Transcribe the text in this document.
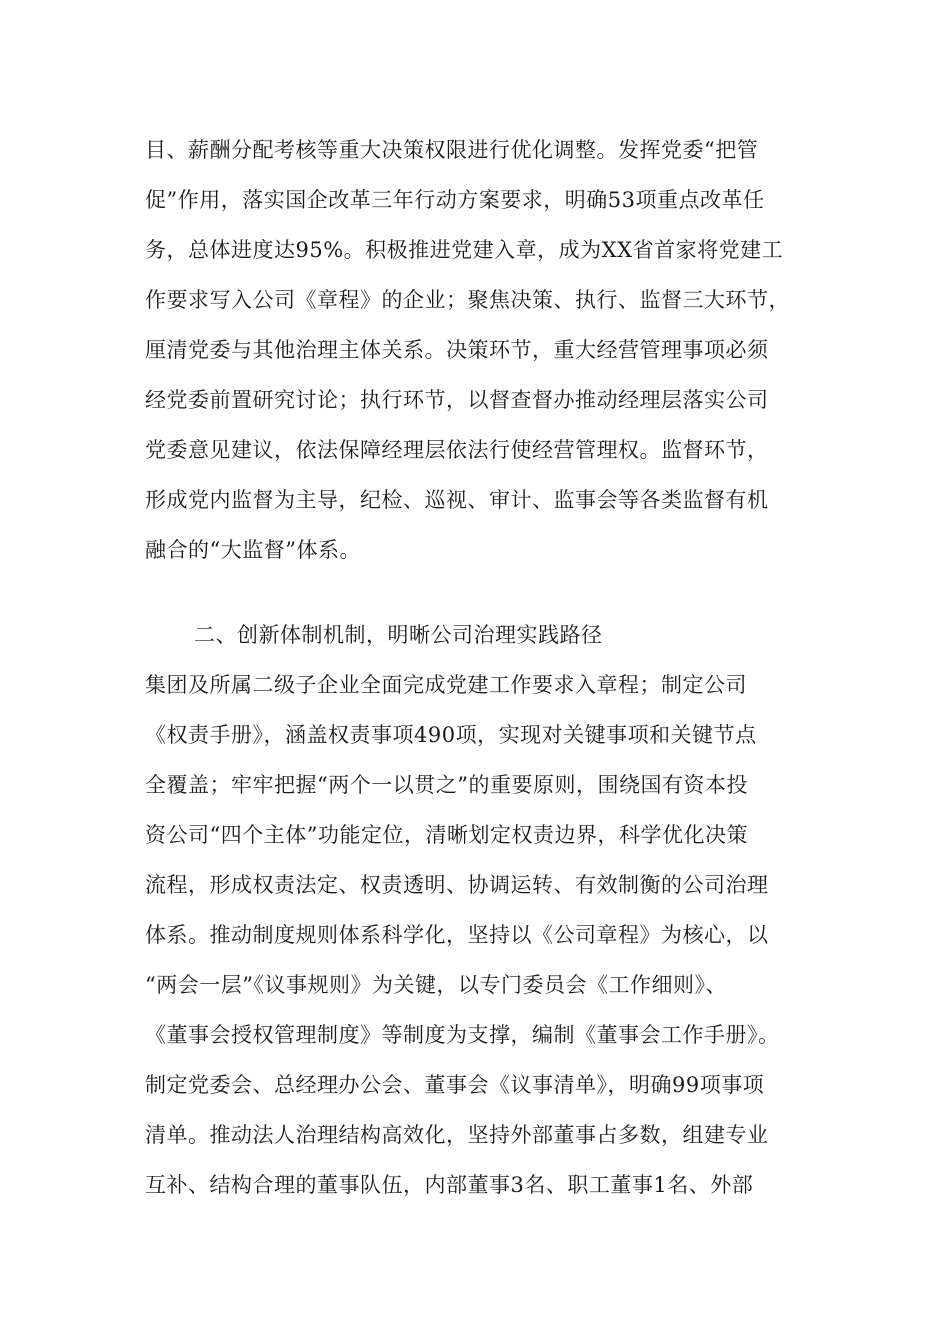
目、薪酬分配考核等重大决策权限进行优化调整。发挥党委“把管
促”作用，落实国企改革三年行动方案要求，明确53项重点改革任
务，总体进度达95%。积极推进党建入章，成为XX省首家将党建工
作要求写入公司《章程》的企业；聚焦决策、执行、监督三大环节，
厘清党委与其他治理主体关系。决策环节，重大经营管理事项必须
经党委前置研究讨论；执行环节，以督查督办推动经理层落实公司
党委意见建议，依法保障经理层依法行使经营管理权。监督环节，
形成党内监督为主导，纪检、巡视、审计、监事会等各类监督有机
融合的“大监督”体系。
二、创新体制机制，明晰公司治理实践路径
集团及所属二级子企业全面完成党建工作要求入章程；制定公司
《权责手册》，涵盖权责事项490项，实现对关键事项和关键节点
全覆盖；牢牢把握“两个一以贯之”的重要原则，围绕国有资本投
资公司“四个主体”功能定位，清晰划定权责边界，科学优化决策
流程，形成权责法定、权责透明、协调运转、有效制衡的公司治理
体系。推动制度规则体系科学化，坚持以《公司章程》为核心，以
“两会一层”《议事规则》为关键，以专门委员会《工作细则》、
《董事会授权管理制度》等制度为支撑，编制《董事会工作手册》。
制定党委会、总经理办公会、董事会《议事清单》，明确99项事项
清单。推动法人治理结构高效化，坚持外部董事占多数，组建专业
互补、结构合理的董事队伍，内部董事3名、职工董事1名、外部
